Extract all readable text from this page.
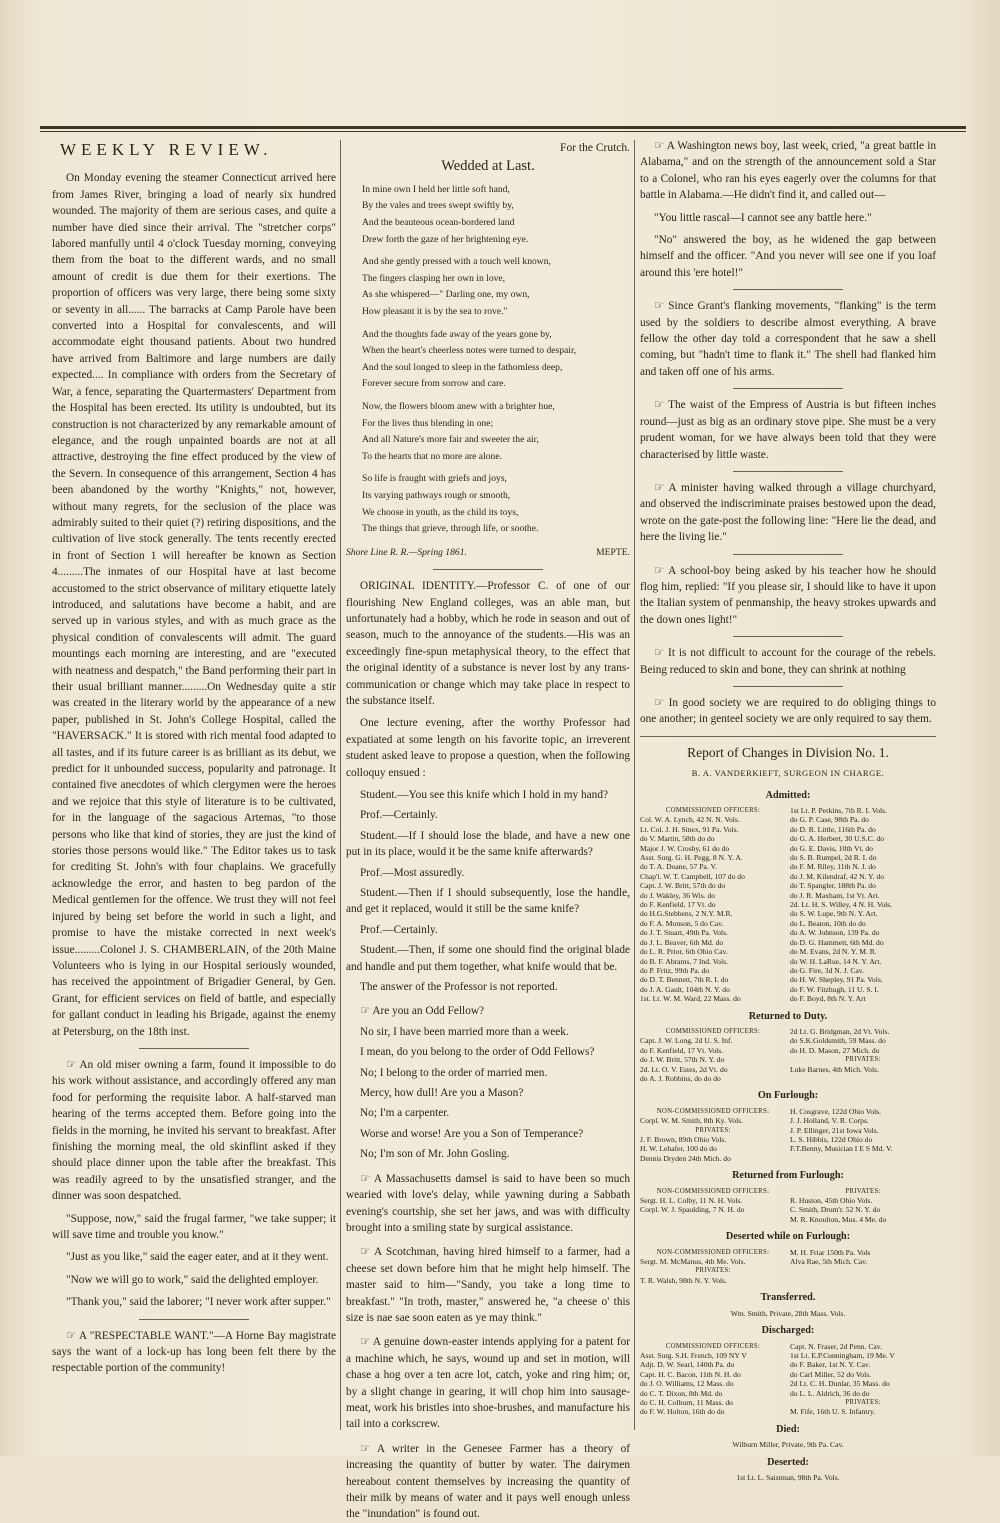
WEEKLY REVIEW.

On Monday evening the steamer Connecticut arrived here from James River, bringing a load of nearly six hundred wounded. The majority of them are serious cases, and quite a number have died since their arrival. The "stretcher corps" labored manfully until 4 o'clock Tuesday morning, conveying them from the boat to the different wards, and no small amount of credit is due them for their exertions. The proportion of officers was very large, there being some sixty or seventy in all...... The barracks at Camp Parole have been converted into a Hospital for convalescents, and will accommodate eight thousand patients. About two hundred have arrived from Baltimore and large numbers are daily expected.... In compliance with orders from the Secretary of War, a fence, separating the Quartermasters' Department from the Hospital has been erected. Its utility is undoubted, but its construction is not characterized by any remarkable amount of elegance, and the rough unpainted boards are not at all attractive, destroying the fine effect produced by the view of the Severn. In consequence of this arrangement, Section 4 has been abandoned by the worthy "Knights," not, however, without many regrets, for the seclusion of the place was admirably suited to their quiet (?) retiring dispositions, and the cultivation of live stock generally. The tents recently erected in front of Section 1 will hereafter be known as Section 4.........The inmates of our Hospital have at last become accustomed to the strict observance of military etiquette lately introduced, and salutations have become a habit, and are served up in various styles, and with as much grace as the physical condition of convalescents will admit. The guard mountings each morning are interesting, and are "executed with neatness and despatch," the Band performing their part in their usual brilliant manner.........On Wednesday quite a stir was created in the literary world by the appearance of a new paper, published in St. John's College Hospital, called the "HAVERSACK." It is stored with rich mental food adapted to all tastes, and if its future career is as brilliant as its debut, we predict for it unbounded success, popularity and patronage. It contained five anecdotes of which clergymen were the heroes and we rejoice that this style of literature is to be cultivated, for in the language of the sagacious Artemas, "to those persons who like that kind of stories, they are just the kind of stories those persons would like." The Editor takes us to task for crediting St. John's with four chaplains. We gracefully acknowledge the error, and hasten to beg pardon of the Medical gentlemen for the offence. We trust they will not feel injured by being set before the world in such a light, and promise to have the mistake corrected in next week's issue.........Colonel J. S. CHAMBERLAIN, of the 20th Maine Volunteers who is lying in our Hospital seriously wounded, has received the appointment of Brigadier General, by Gen. Grant, for efficient services on field of battle, and especially for gallant conduct in leading his Brigade, against the enemy at Petersburg, on the 18th inst.

☞ An old miser owning a farm, found it impossible to do his work without assistance, and accordingly offered any man food for performing the requisite labor. A half-starved man hearing of the terms accepted them. Before going into the fields in the morning, he invited his servant to breakfast. After finishing the morning meal, the old skinflint asked if they should place dinner upon the table after the breakfast. This was readily agreed to by the unsatisfied stranger, and the dinner was soon despatched.

"Suppose, now," said the frugal farmer, "we take supper; it will save time and trouble you know."

"Just as you like," said the eager eater, and at it they went.

"Now we will go to work," said the delighted employer.

"Thank you," said the laborer; "I never work after supper."

☞ A "RESPECTABLE WANT."—A Horne Bay magistrate says the want of a lock-up has long been felt there by the respectable portion of the community!

For the Crutch.
Wedded at Last.
In mine own I held her little soft hand,
By the vales and trees swept swiftly by,
And the beauteous ocean-bordered land
Drew forth the gaze of her brightening eye.
And she gently pressed with a touch well known,
The fingers clasping her own in love,
As she whispered—" Darling one, my own,
How pleasant it is by the sea to rove."
And the thoughts fade away of the years gone by,
When the heart's cheerless notes were turned to despair,
And the soul longed to sleep in the fathomless deep,
Forever secure from sorrow and care.
Now, the flowers bloom anew with a brighter hue,
For the lives thus blending in one;
And all Nature's more fair and sweeter the air,
To the hearts that no more are alone.
So life is fraught with griefs and joys,
Its varying pathways rough or smooth,
We choose in youth, as the child its toys,
The things that grieve, through life, or soothe.
Shore Line R. R.—Spring 1861.	MEPTE.

ORIGINAL IDENTITY.—Professor C. of one of our flourishing New England colleges, was an able man, but unfortunately had a hobby, which he rode in season and out of season, much to the annoyance of the students.—His was an exceedingly fine-spun metaphysical theory, to the effect that the original identity of a substance is never lost by any trans-communication or change which may take place in respect to the substance itself.

One lecture evening, after the worthy Professor had expatiated at some length on his favorite topic, an irreverent student asked leave to propose a question, when the following colloquy ensued :

Student.—You see this knife which I hold in my hand?

Prof.—Certainly.

Student.—If I should lose the blade, and have a new one put in its place, would it be the same knife afterwards?

Prof.—Most assuredly.

Student.—Then if I should subsequently, lose the handle, and get it replaced, would it still be the same knife?

Prof.—Certainly.

Student.—Then, if some one should find the original blade and handle and put them together, what knife would that be.

The answer of the Professor is not reported.

☞ Are you an Odd Fellow?

No sir, I have been married more than a week.

I mean, do you belong to the order of Odd Fellows?

No; I belong to the order of married men.

Mercy, how dull! Are you a Mason?

No; I'm a carpenter.

Worse and worse! Are you a Son of Temperance?

No; I'm son of Mr. John Gosling.

☞ A Massachusetts damsel is said to have been so much wearied with love's delay, while yawning during a Sabbath evening's courtship, she set her jaws, and was with difficulty brought into a smiling state by surgical assistance.

☞ A Scotchman, having hired himself to a farmer, had a cheese set down before him that he might help himself. The master said to him—"Sandy, you take a long time to breakfast." "In troth, master," answered he, "a cheese o' this size is nae sae soon eaten as ye may think."

☞ A genuine down-easter intends applying for a patent for a machine which, he says, wound up and set in motion, will chase a hog over a ten acre lot, catch, yoke and ring him; or, by a slight change in gearing, it will chop him into sausage-meat, work his bristles into shoe-brushes, and manufacture his tail into a corkscrew.

☞ A writer in the Genesee Farmer has a theory of increasing the quantity of butter by water. The dairymen hereabout content themselves by increasing the quantity of their milk by means of water and it pays well enough unless the "inundation" is found out.

☞ A Washington news boy, last week, cried, "a great battle in Alabama," and on the strength of the announcement sold a Star to a Colonel, who ran his eyes eagerly over the columns for that battle in Alabama.—He didn't find it, and called out—

"You little rascal—I cannot see any battle here."

"No" answered the boy, as he widened the gap between himself and the officer. "And you never will see one if you loaf around this 'ere hotel!"

☞ Since Grant's flanking movements, "flanking" is the term used by the soldiers to describe almost everything. A brave fellow the other day told a correspondent that he saw a shell coming, but "hadn't time to flank it." The shell had flanked him and taken off one of his arms.

☞ The waist of the Empress of Austria is but fifteen inches round—just as big as an ordinary stove pipe. She must be a very prudent woman, for we have always been told that they were characterised by little waste.

☞ A minister having walked through a village churchyard, and observed the indiscriminate praises bestowed upon the dead, wrote on the gate-post the following line: "Here lie the dead, and here the living lie."

☞ A school-boy being asked by his teacher how he should flog him, replied: "If you please sir, I should like to have it upon the Italian system of penmanship, the heavy strokes upwards and the down ones light!"

☞ It is not difficult to account for the courage of the rebels. Being reduced to skin and bone, they can shrink at nothing

☞ In good society we are required to do obliging things to one another; in genteel society we are only required to say them.

Report of Changes in Division No. 1.
B. A. VANDERKIEFT, SURGEON IN CHARGE.
Admitted:
COMMISSIONED OFFICERS:
Col. W. A. Lynch, 42 N. N. Vols.
Lt. Col. J. H. Sinex, 91 Pa. Vols.
do V. Martin, 58th do do
Major J. W. Crosby, 61 do do
Asst. Surg. G. H. Pegg, 8 N. Y. A.
do T. A. Doane, 57 Pa. V.
Chap'l. W. T. Campbell, 107 do do
Capt. J. W. Britt, 57th do do
do J. Wakley, 36 Wis. do
do F. Kenfield, 17 Vt. do
do H.G.Stebbens, 2 N.Y. M.R.
do F. A. Monson, 5 do Cav.
do J. T. Stuart, 49th Pa. Vols.
do J. L. Beaver, 6th Md. do
do L. R. Prior, 6th Ohio Cav.
do B. F. Abrams, 7 Ind. Vols.
do P. Fritz, 99th Pa. do
do D. T. Bennett, 7th R. I. do
do J. A. Gault, 104th N. Y. do
1st. Lt. W. M. Ward, 22 Mass. do
1st Lt. P. Perkins, 7th R. I. Vols.
do G. P. Case, 98th Pa. do
do D. R. Little, 116th Pa. do
do G. A. Herbert, 30 U.S.C. do
do G. E. Davis, 10th Vt. do
do S. B. Rumpel, 2d R. I. do
do F. M. Riley, 11th N. J. do
do J. M. Kilendraf, 42 N. Y. do
do T. Spangler, 188th Pa. do
do J. R. Maxham, 1st Vt. Art.
2d. Lt. H. S. Willey, 4 N. H. Vols.
do S. W. Lupe, 9th N. Y. Art.
do L. Beaton, 10th do do
do A. W. Johnson, 139 Pa. do
do D. G. Hammett, 6th Md. do
do M. Evans, 2d N. Y. M. R.
do W. H. LaRue, 14 N. Y. Art.
do G. Fire, 3d N. J. Cav.
do H. W. Shepley, 91 Pa. Vols.
do F. W. Fitzhugh, 11 U. S. I.
do F. Boyd, 8th N. Y. Art
Returned to Duty.
COMMISSIONED OFFICERS:
Capt. J. W. Long, 2d U. S. Inf.
do F. Kenfield, 17 Vt. Vols.
do J. W. Britt, 57th N. Y. do
2d. Lt. O. V. Estes, 2d Vt. do
do A. J. Robbins, do do do
2d Lt. G. Bridgman, 2d Vt. Vols.
do S.K.Goldsmith, 59 Mass. do
do H. D. Mason, 27 Mich. do
PRIVATES:
Luke Barnes, 4th Mich. Vols.
On Furlough:
NON-COMMISSIONED OFFICERS:
Corpl. W. M. Smith, 8th Ky. Vols.
PRIVATES:
J. F. Brown, 89th Ohio Vols.
H. W. Lehafer, 100 do do
Dennis Dryden 24th Mich. do
H. Cosgrave, 122d Ohio Vols.
J. J. Holland, V. R. Corps.
J. P. Ellinger, 21st Iowa Vols.
L. S. Hibbis, 122d Ohio do
F.T.Benny, Musician I E S Md. V.
Returned from Furlough:
NON-COMMISSIONED OFFICERS:
Sergt. H. L. Colby, 11 N. H. Vols.
Corpl. W. J. Spaulding, 7 N. H. do
PRIVATES:
R. Huston, 45th Ohio Vols.
C. Smith, Drum'r. 52 N. Y. do
M. R. Knoulton, Mus. 4 Me. do
Deserted while on Furlough:
NON-COMMISSIONED OFFICERS:
Sergt. M. McManus, 4th Me. Vols.
PRIVATES:
T. R. Walsh, 98th N. Y. Vols.
M. H. Friar 150th Pa. Vols
Alva Rae, 5th Mich. Cav.
Transferred.
Wm. Smith, Private, 28th Mass. Vols.
Discharged:
COMMISSIONED OFFICERS:
Asst. Surg. S.H. French, 109 NY V
Adjt. D. W. Searl, 140th Pa. do
Capt. H. C. Bacon, 11th N. H. do
do J. O. Williams, 12 Mass. do
do C. T. Dixon, 8th Md. do
do C. H. Colburn, 11 Mass. do
do F. W. Holton, 16th do do
Capt. N. Fraser, 2d Penn. Cav.
1st Lt. E.P.Cunningham, 19 Me. V
do F. Baker, 1st N. Y. Cav.
do Carl Miller, 52 do Vols.
2d Lt. C. H. Dunlar, 35 Mass. do
do L. L. Aldrich, 36 do do
PRIVATES:
M. Fife, 16th U. S. Infantry.
Died:
Wilburn Miller, Private, 9th Pa. Cav.
Deserted:
1st Lt. L. Saistman, 98th Pa. Vols.
